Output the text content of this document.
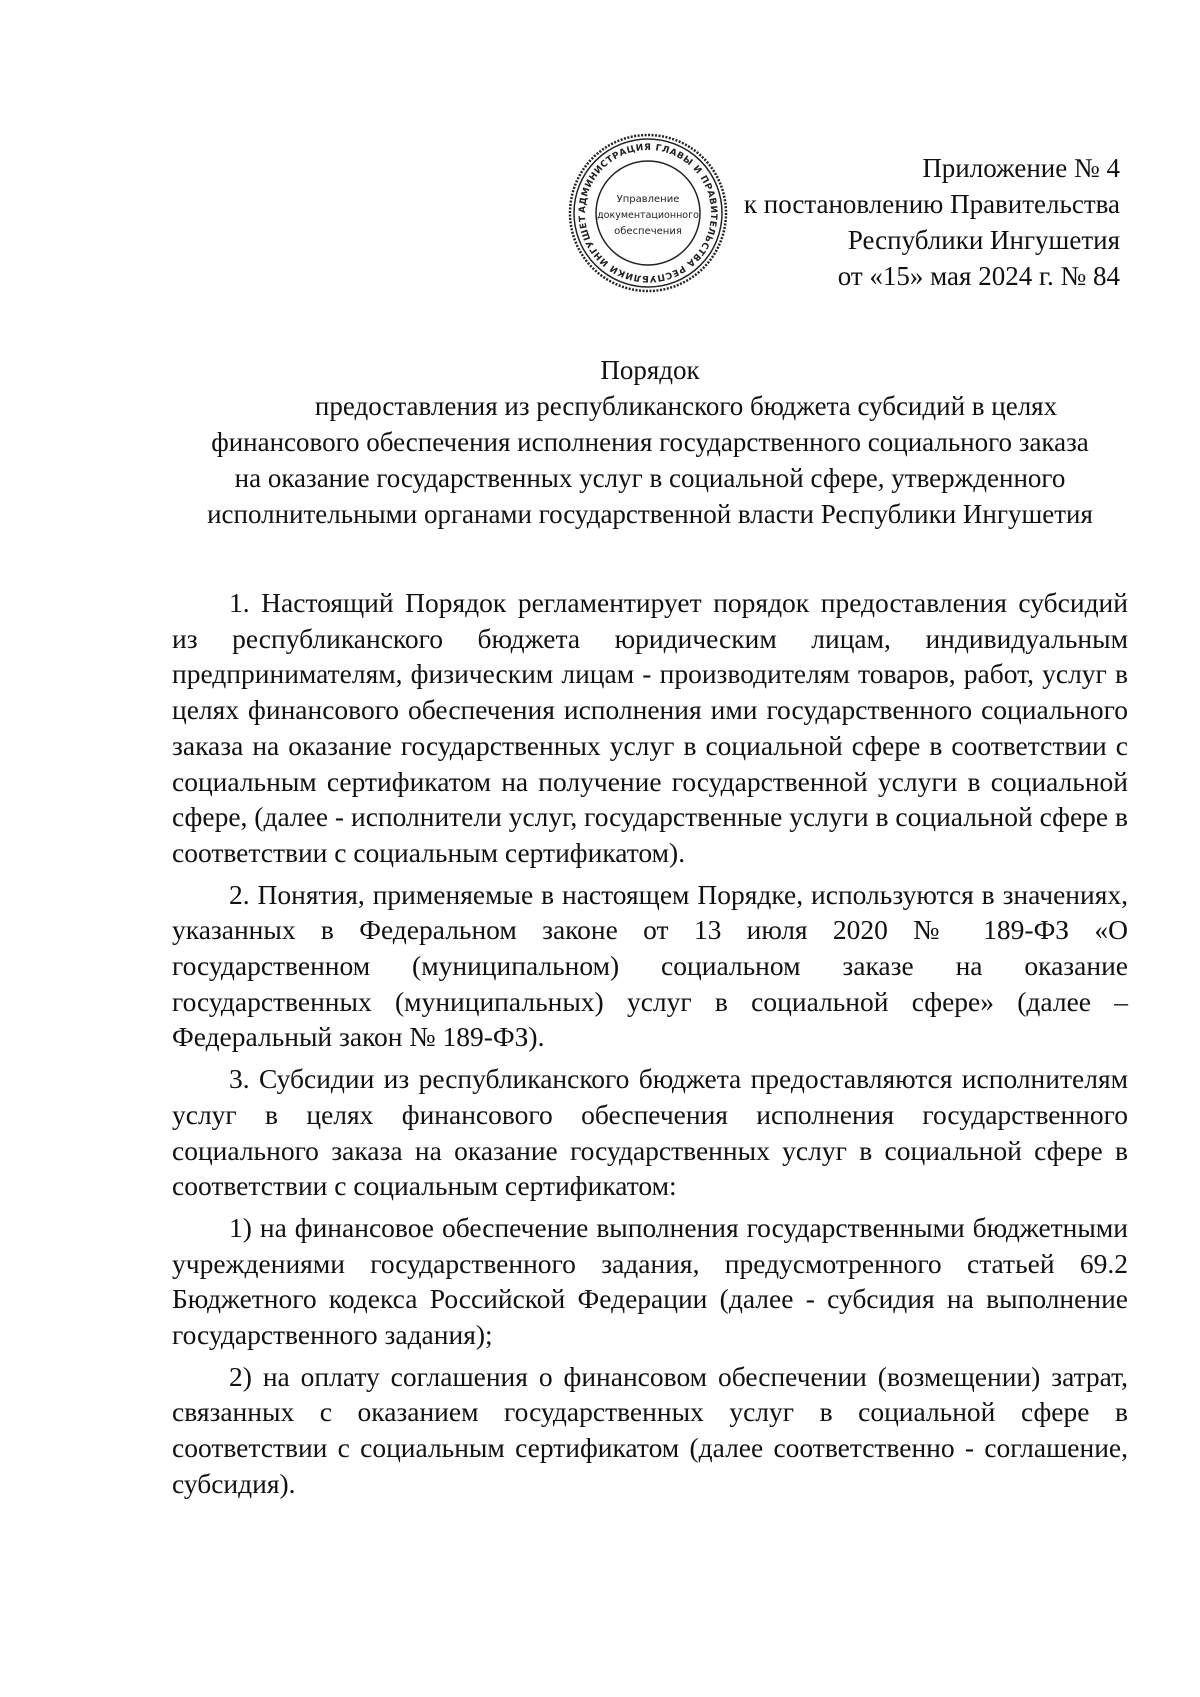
АДМИНИСТРАЦИЯ ГЛАВЫ И ПРАВИТЕЛЬСТВА РЕСПУБЛИКИ ИНГУШЕТ
Управление
документационного
обеспечения
Приложение № 4
к постановлению Правительства
Республики Ингушетия
от «15» мая 2024 г. № 84
Порядок
предоставления из республиканского бюджета субсидий в целях
финансового обеспечения исполнения государственного социального заказа
на оказание государственных услуг в социальной сфере, утвержденного
исполнительными органами государственной власти Республики Ингушетия

1. Настоящий Порядок регламентирует порядок предоставления субсидий из республиканского бюджета юридическим лицам, индивидуальным предпринимателям, физическим лицам - производителям товаров, работ, услуг в целях финансового обеспечения исполнения ими государственного социального заказа на оказание государственных услуг в социальной сфере в соответствии с социальным сертификатом на получение государственной услуги в социальной сфере, (далее - исполнители услуг, государственные услуги в социальной сфере в соответствии с социальным сертификатом).

2. Понятия, применяемые в настоящем Порядке, используются в значениях, указанных в Федеральном законе от 13 июля 2020 № 189-ФЗ «О государственном (муниципальном) социальном заказе на оказание государственных (муниципальных) услуг в социальной сфере» (далее – Федеральный закон № 189-ФЗ).

3. Субсидии из республиканского бюджета предоставляются исполнителям услуг в целях финансового обеспечения исполнения государственного социального заказа на оказание государственных услуг в социальной сфере в соответствии с социальным сертификатом:

1) на финансовое обеспечение выполнения государственными бюджетными учреждениями государственного задания, предусмотренного статьей 69.2 Бюджетного кодекса Российской Федерации (далее - субсидия на выполнение государственного задания);

2) на оплату соглашения о финансовом обеспечении (возмещении) затрат, связанных с оказанием государственных услуг в социальной сфере в соответствии с социальным сертификатом (далее соответственно - соглашение, субсидия).
